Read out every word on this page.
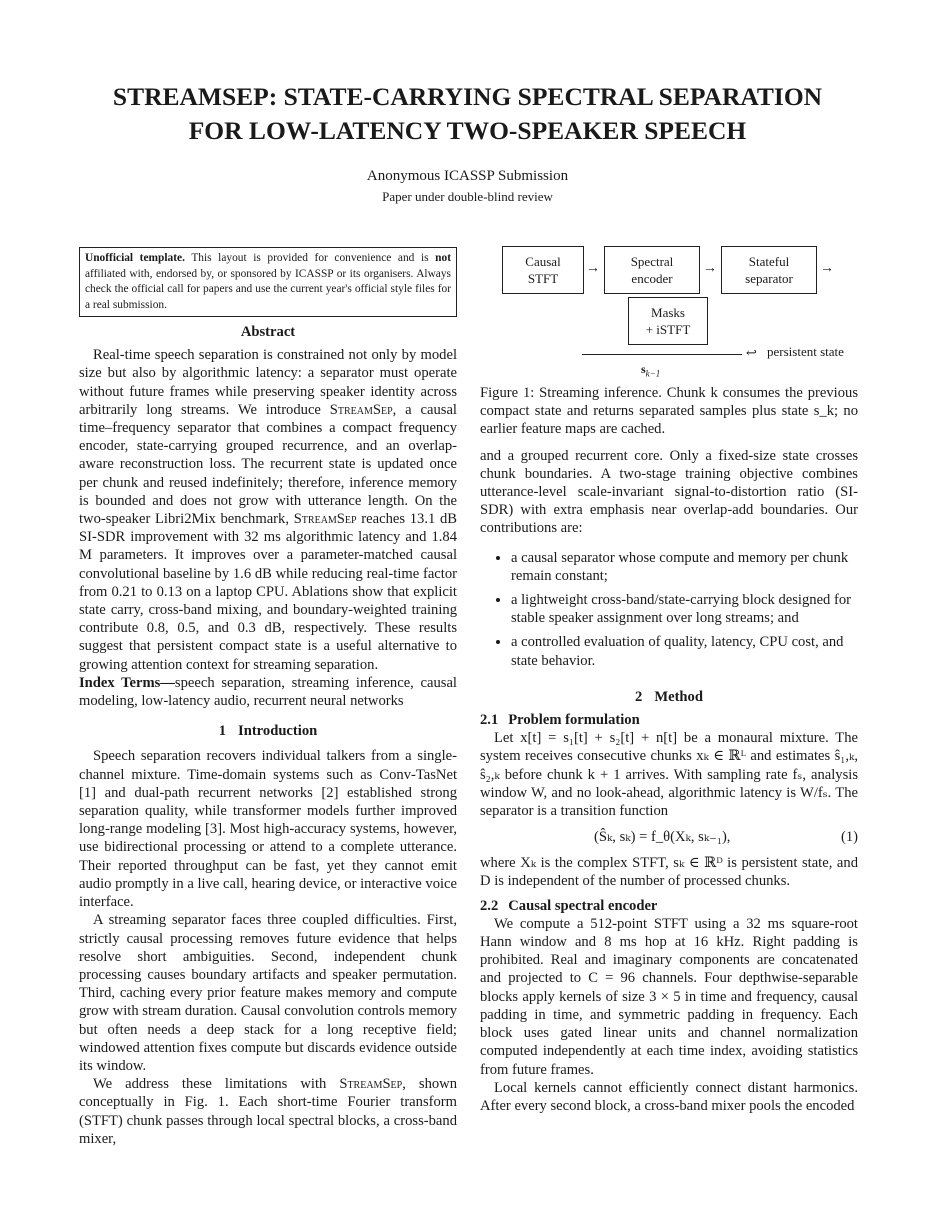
STREAMSEP: STATE-CARRYING SPECTRAL SEPARATION
FOR LOW-LATENCY TWO-SPEAKER SPEECH
Anonymous ICASSP Submission
Paper under double-blind review
Unofficial template. This layout is provided for convenience and is not affiliated with, endorsed by, or sponsored by ICASSP or its organisers. Always check the official call for papers and use the current year's official style files for a real submission.
Abstract

Real-time speech separation is constrained not only by model size but also by algorithmic latency: a separator must operate without future frames while preserving speaker identity across arbitrarily long streams. We introduce StreamSep, a causal time–frequency separator that combines a compact frequency encoder, state-carrying grouped recurrence, and an overlap-aware reconstruction loss. The recurrent state is updated once per chunk and reused indefinitely; therefore, inference memory is bounded and does not grow with utterance length. On the two-speaker Libri2Mix benchmark, StreamSep reaches 13.1 dB SI-SDR improvement with 32 ms algorithmic latency and 1.84 M parameters. It improves over a parameter-matched causal convolutional baseline by 1.6 dB while reducing real-time factor from 0.21 to 0.13 on a laptop CPU. Ablations show that explicit state carry, cross-band mixing, and boundary-weighted training contribute 0.8, 0.5, and 0.3 dB, respectively. These results suggest that persistent compact state is a useful alternative to growing attention context for streaming separation.

Index Terms—speech separation, streaming inference, causal modeling, low-latency audio, recurrent neural networks

1 Introduction

Speech separation recovers individual talkers from a single-channel mixture. Time-domain systems such as Conv-TasNet [1] and dual-path recurrent networks [2] established strong separation quality, while transformer models further improved long-range modeling [3]. Most high-accuracy systems, however, use bidirectional processing or attend to a complete utterance. Their reported throughput can be fast, yet they cannot emit audio promptly in a live call, hearing device, or interactive voice interface.

A streaming separator faces three coupled difficulties. First, strictly causal processing removes future evidence that helps resolve short ambiguities. Second, independent chunk processing causes boundary artifacts and speaker permutation. Third, caching every prior feature makes memory and compute grow with stream duration. Causal convolution controls memory but often needs a deep stack for a long receptive field; windowed attention fixes compute but discards evidence outside its window.

We address these limitations with StreamSep, shown conceptually in Fig. 1. Each short-time Fourier transform (STFT) chunk passes through local spectral blocks, a cross-band mixer,

Causal
STFT
→ Spectral
encoder
→ Stateful
separator
→
Masks
+ iSTFT
↩ persistent state
$s_{k-1}$

Figure 1: Streaming inference. Chunk k consumes the previous compact state and returns separated samples plus state s_k; no earlier feature maps are cached.

and a grouped recurrent core. Only a fixed-size state crosses chunk boundaries. A two-stage training objective combines utterance-level scale-invariant signal-to-distortion ratio (SI-SDR) with extra emphasis near overlap-add boundaries. Our contributions are:

• a causal separator whose compute and memory per chunk remain constant;
• a lightweight cross-band/state-carrying block designed for stable speaker assignment over long streams; and
• a controlled evaluation of quality, latency, CPU cost, and state behavior.
2 Method
2.1 Problem formulation

Let x[t] = s₁[t] + s₂[t] + n[t] be a monaural mixture. The system receives consecutive chunks xₖ ∈ ℝᴸ and estimates ŝ₁,ₖ, ŝ₂,ₖ before chunk k + 1 arrives. With sampling rate fₛ, analysis window W, and no look-ahead, algorithmic latency is W/fₛ. The separator is a transition function

(Ŝₖ, sₖ) = f_θ(Xₖ, sₖ₋₁),	(1)

where Xₖ is the complex STFT, sₖ ∈ ℝᴰ is persistent state, and D is independent of the number of processed chunks.

2.2 Causal spectral encoder

We compute a 512-point STFT using a 32 ms square-root Hann window and 8 ms hop at 16 kHz. Right padding is prohibited. Real and imaginary components are concatenated and projected to C = 96 channels. Four depthwise-separable blocks apply kernels of size 3 × 5 in time and frequency, causal padding in time, and symmetric padding in frequency. Each block uses gated linear units and channel normalization computed independently at each time index, avoiding statistics from future frames.

Local kernels cannot efficiently connect distant harmonics. After every second block, a cross-band mixer pools the encoded
